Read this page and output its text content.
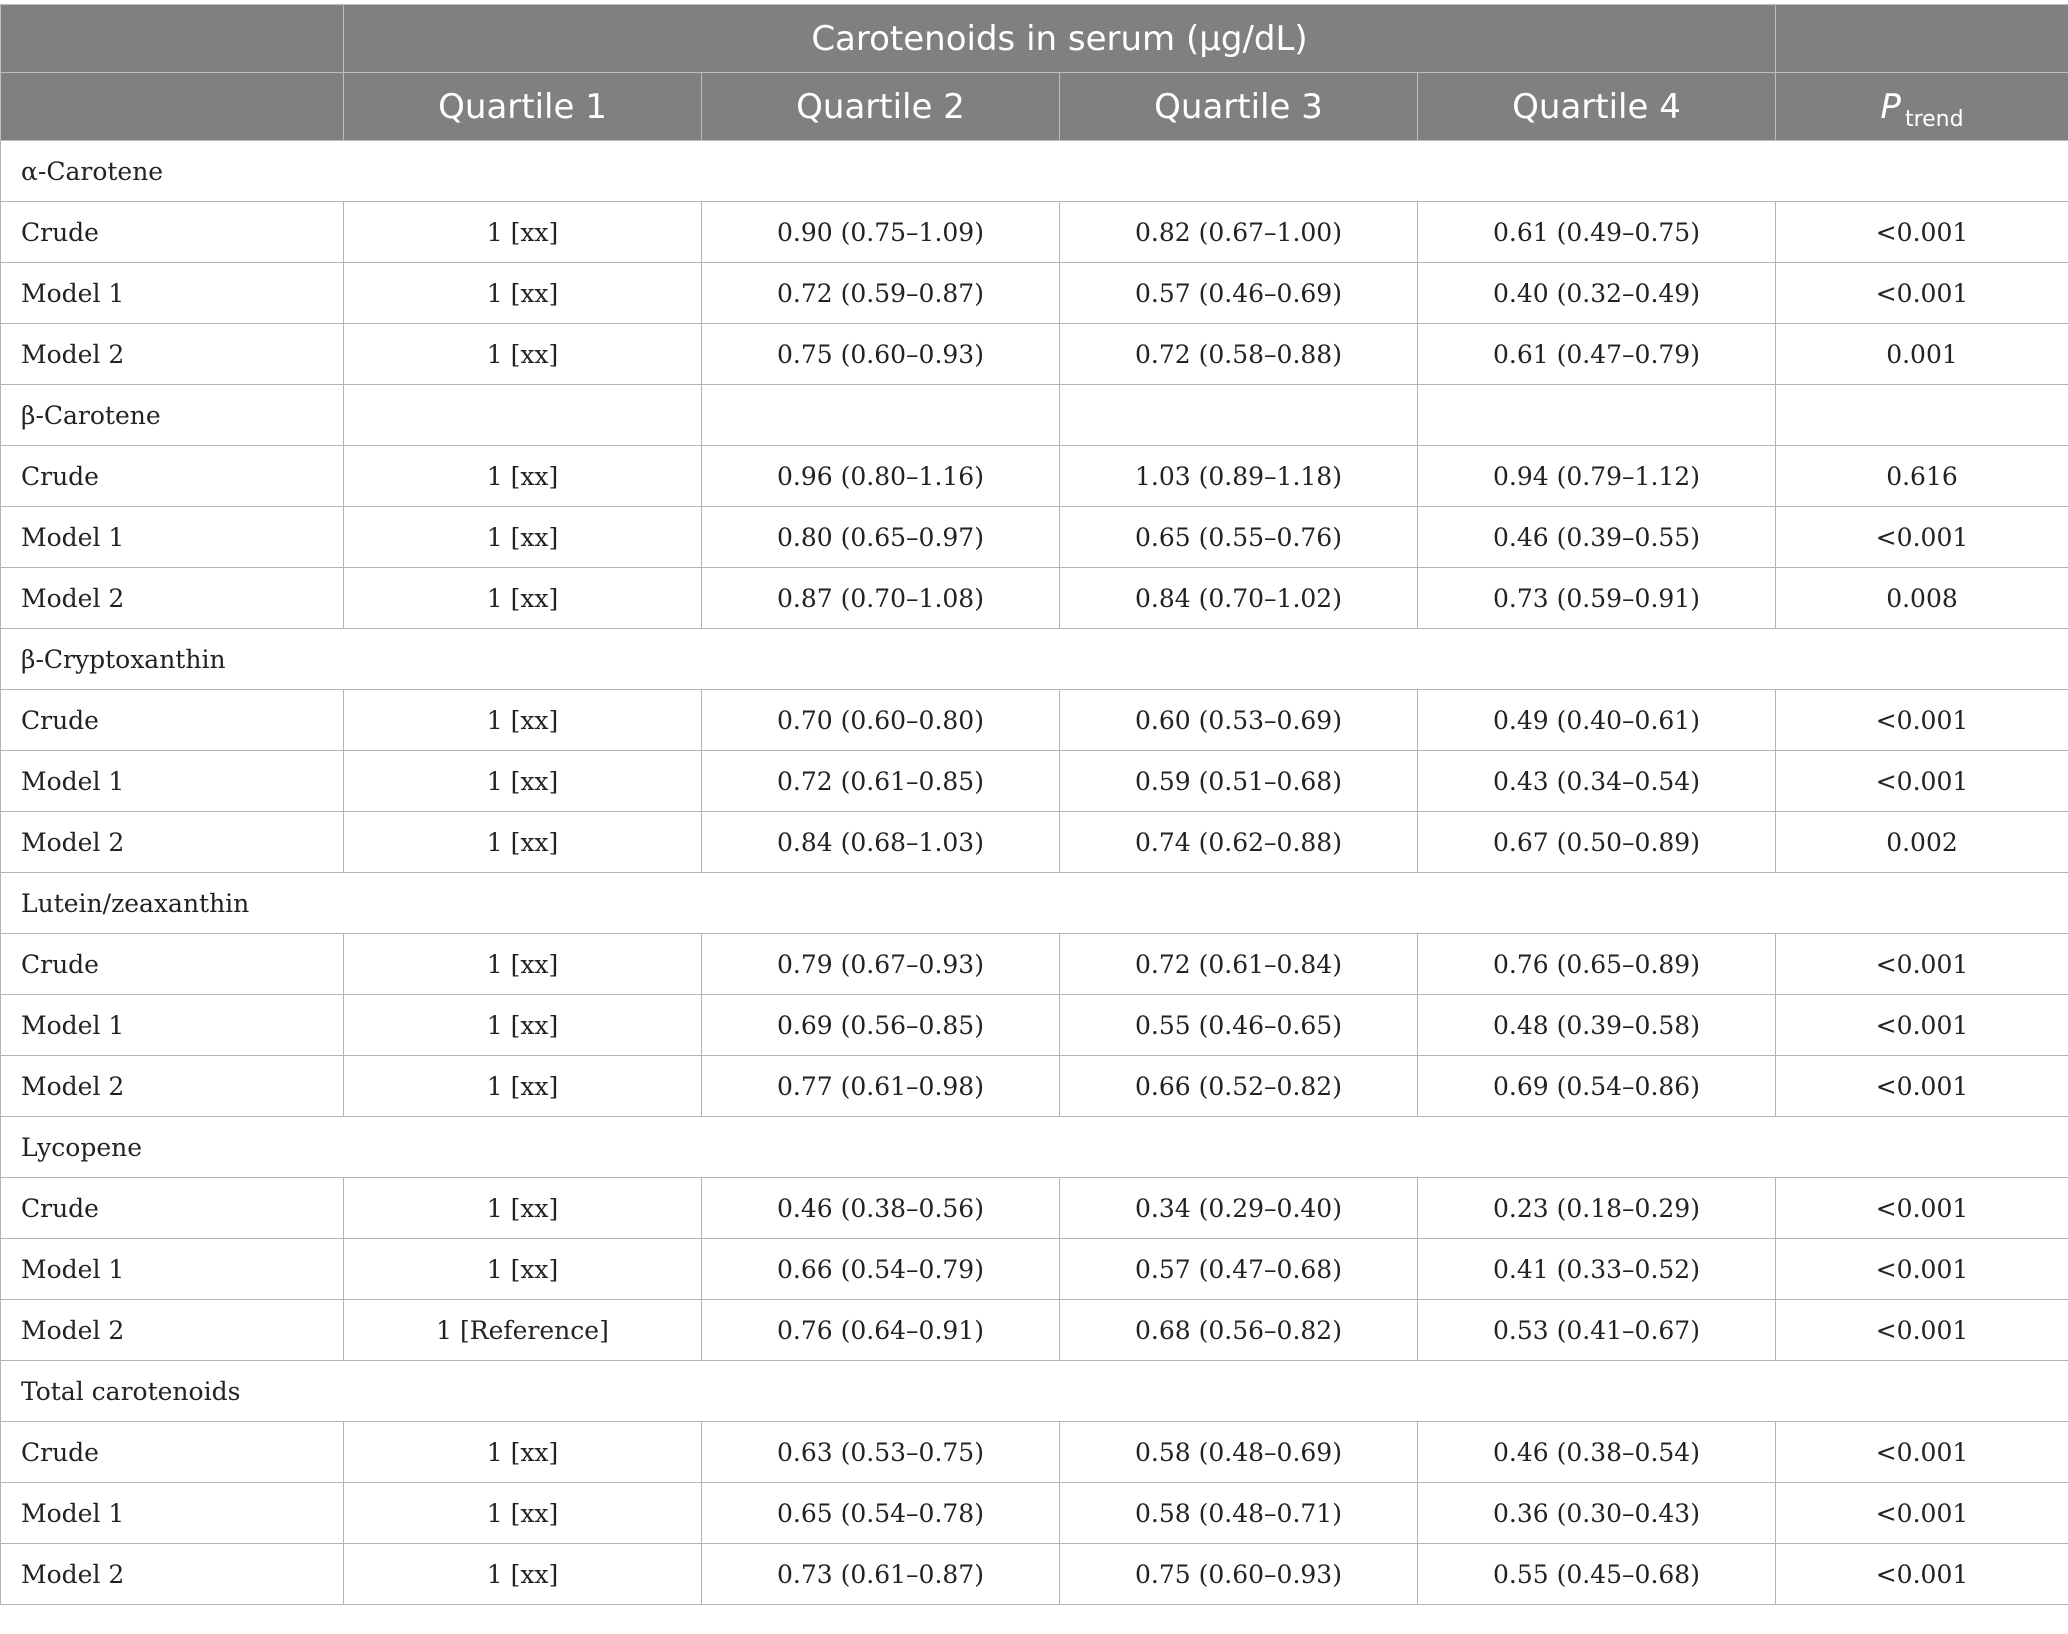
	Carotenoids in serum (μg/dL)				
	Quartile 1	Quartile 2	Quartile 3	Quartile 4	P $_{trend}$
α-Carotene					
Crude	1 [xx]	0.90 (0.75–1.09)	0.82 (0.67–1.00)	0.61 (0.49–0.75)	<0.001
Model 1	1 [xx]	0.72 (0.59–0.87)	0.57 (0.46–0.69)	0.40 (0.32–0.49)	<0.001
Model 2	1 [xx]	0.75 (0.60–0.93)	0.72 (0.58–0.88)	0.61 (0.47–0.79)	0.001
β-Carotene					
Crude	1 [xx]	0.96 (0.80–1.16)	1.03 (0.89–1.18)	0.94 (0.79–1.12)	0.616
Model 1	1 [xx]	0.80 (0.65–0.97)	0.65 (0.55–0.76)	0.46 (0.39–0.55)	<0.001
Model 2	1 [xx]	0.87 (0.70–1.08)	0.84 (0.70–1.02)	0.73 (0.59–0.91)	0.008
β-Cryptoxanthin					
Crude	1 [xx]	0.70 (0.60–0.80)	0.60 (0.53–0.69)	0.49 (0.40–0.61)	<0.001
Model 1	1 [xx]	0.72 (0.61–0.85)	0.59 (0.51–0.68)	0.43 (0.34–0.54)	<0.001
Model 2	1 [xx]	0.84 (0.68–1.03)	0.74 (0.62–0.88)	0.67 (0.50–0.89)	0.002
Lutein/zeaxanthin					
Crude	1 [xx]	0.79 (0.67–0.93)	0.72 (0.61–0.84)	0.76 (0.65–0.89)	<0.001
Model 1	1 [xx]	0.69 (0.56–0.85)	0.55 (0.46–0.65)	0.48 (0.39–0.58)	<0.001
Model 2	1 [xx]	0.77 (0.61–0.98)	0.66 (0.52–0.82)	0.69 (0.54–0.86)	<0.001
Lycopene					
Crude	1 [xx]	0.46 (0.38–0.56)	0.34 (0.29–0.40)	0.23 (0.18–0.29)	<0.001
Model 1	1 [xx]	0.66 (0.54–0.79)	0.57 (0.47–0.68)	0.41 (0.33–0.52)	<0.001
Model 2	1 [Reference]	0.76 (0.64–0.91)	0.68 (0.56–0.82)	0.53 (0.41–0.67)	<0.001
Total carotenoids					
Crude	1 [xx]	0.63 (0.53–0.75)	0.58 (0.48–0.69)	0.46 (0.38–0.54)	<0.001
Model 1	1 [xx]	0.65 (0.54–0.78)	0.58 (0.48–0.71)	0.36 (0.30–0.43)	<0.001
Model 2	1 [xx]	0.73 (0.61–0.87)	0.75 (0.60–0.93)	0.55 (0.45–0.68)	<0.001
